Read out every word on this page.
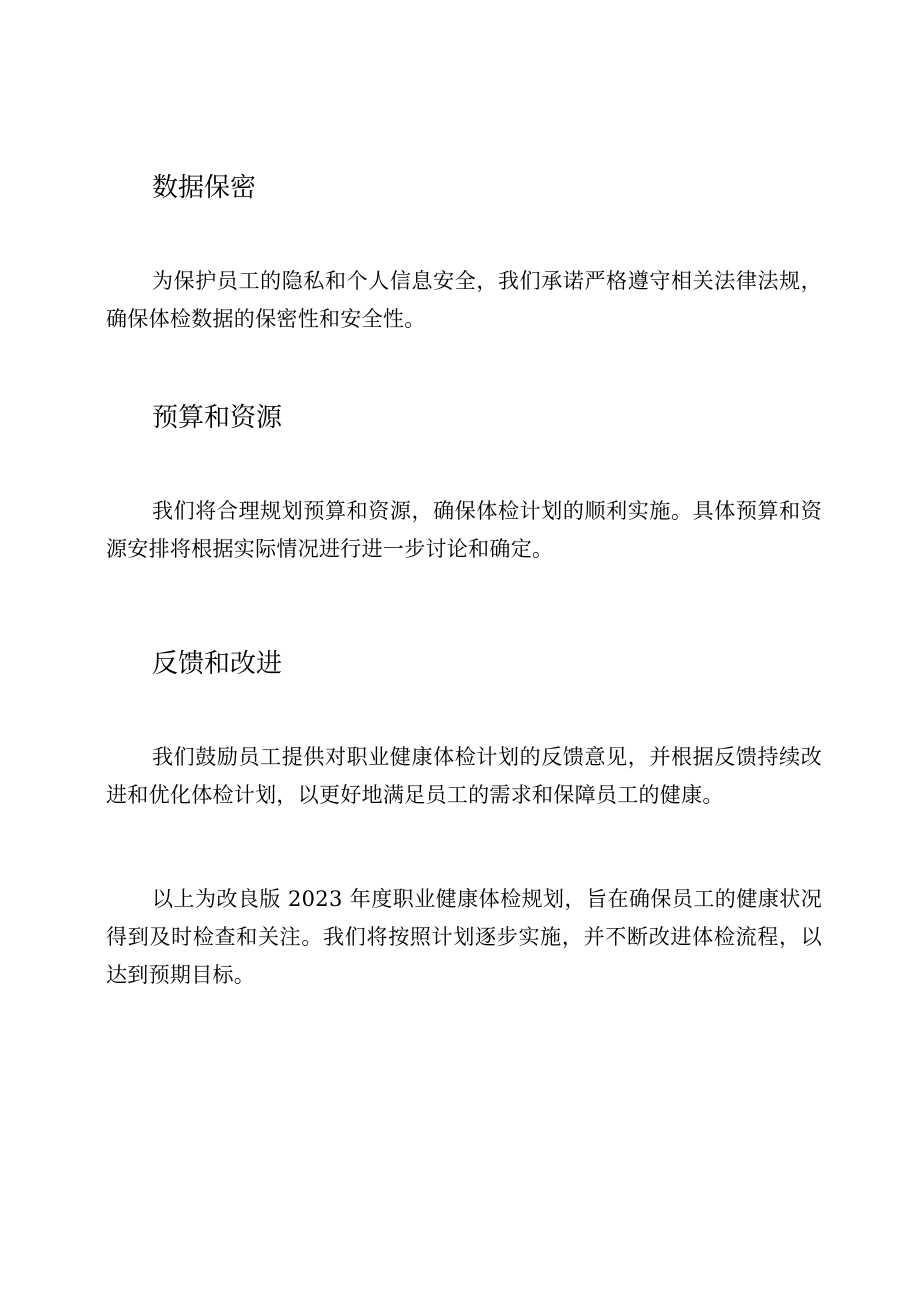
数据保密

为保护员工的隐私和个人信息安全，我们承诺严格遵守相关法律法规，确保体检数据的保密性和安全性。

预算和资源

我们将合理规划预算和资源，确保体检计划的顺利实施。具体预算和资源安排将根据实际情况进行进一步讨论和确定。

反馈和改进

我们鼓励员工提供对职业健康体检计划的反馈意见，并根据反馈持续改进和优化体检计划，以更好地满足员工的需求和保障员工的健康。

以上为改良版 2023 年度职业健康体检规划，旨在确保员工的健康状况得到及时检查和关注。我们将按照计划逐步实施，并不断改进体检流程，以达到预期目标。
